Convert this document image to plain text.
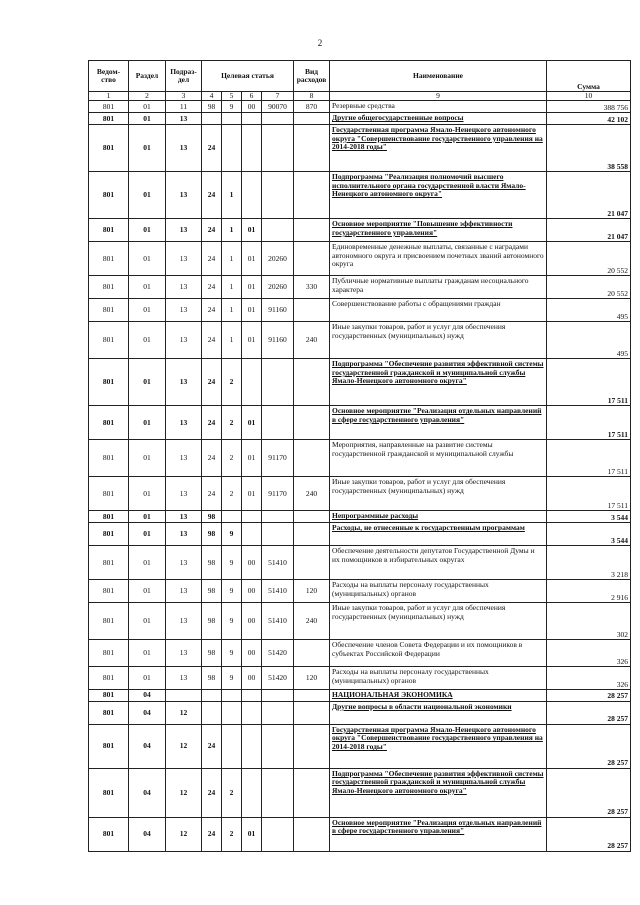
2
Ведом-ство	Раздел	Подраз-дел	Целевая статья				Вид расходов	Наименование	Сумма
1	2	3	4	5	6	7	8	9	10
801	01	11	98	9	00	90070	870	Резервные средства	388 756
801	01	13						Другие общегосударственные вопросы	42 102
801	01	13	24					Государственная программа Ямало-Ненецкого автономного округа "Совершенствование государственного управления на 2014-2018 годы"	38 558
801	01	13	24	1				Подпрограмма "Реализация полномочий высшего исполнительного органа государственной власти Ямало-Ненецкого автономного округа"	21 047
801	01	13	24	1	01			Основное мероприятие "Повышение эффективности государственного управления"	21 047
801	01	13	24	1	01	20260		Единовременные денежные выплаты, связанные с наградами автономного округа и присвоением почетных званий автономного округа	20 552
801	01	13	24	1	01	20260	330	Публичные нормативные выплаты гражданам несоциального характера	20 552
801	01	13	24	1	01	91160		Совершенствование работы с обращениями граждан	495
801	01	13	24	1	01	91160	240	Иные закупки товаров, работ и услуг для обеспечения государственных (муниципальных) нужд	495
801	01	13	24	2				Подпрограмма "Обеспечение развития эффективной системы государственной гражданской и муниципальной службы Ямало-Ненецкого автономного округа"	17 511
801	01	13	24	2	01			Основное мероприятие "Реализация отдельных направлений в сфере государственного управления"	17 511
801	01	13	24	2	01	91170		Мероприятия, направленные на развитие системы государственной гражданской и муниципальной службы	17 511
801	01	13	24	2	01	91170	240	Иные закупки товаров, работ и услуг для обеспечения государственных (муниципальных) нужд	17 511
801	01	13	98					Непрограммные расходы	3 544
801	01	13	98	9				Расходы, не отнесенные к государственным программам	3 544
801	01	13	98	9	00	51410		Обеспечение деятельности депутатов Государственной Думы и их помощников в избирательных округах	3 218
801	01	13	98	9	00	51410	120	Расходы на выплаты персоналу государственных (муниципальных) органов	2 916
801	01	13	98	9	00	51410	240	Иные закупки товаров, работ и услуг для обеспечения государственных (муниципальных) нужд	302
801	01	13	98	9	00	51420		Обеспечение членов Совета Федерации и их помощников в субъектах Российской Федерации	326
801	01	13	98	9	00	51420	120	Расходы на выплаты персоналу государственных (муниципальных) органов	326
801	04							НАЦИОНАЛЬНАЯ ЭКОНОМИКА	28 257
801	04	12						Другие вопросы в области национальной экономики	28 257
801	04	12	24					Государственная программа Ямало-Ненецкого автономного округа "Совершенствование государственного управления на 2014-2018 годы"	28 257
801	04	12	24	2				Подпрограмма "Обеспечение развития эффективной системы государственной гражданской и муниципальной службы Ямало-Ненецкого автономного округа"	28 257
801	04	12	24	2	01			Основное мероприятие "Реализация отдельных направлений в сфере государственного управления"	28 257
